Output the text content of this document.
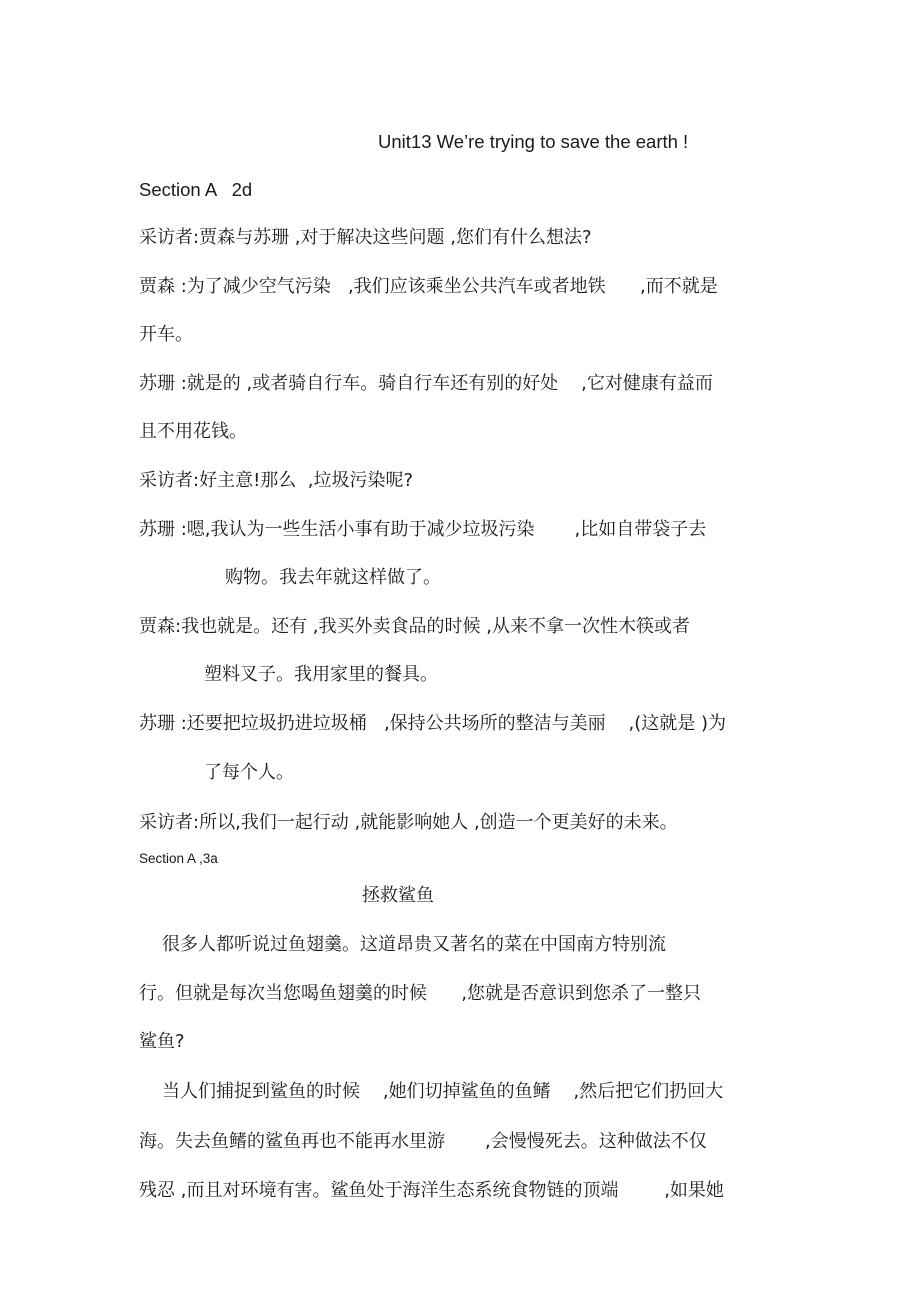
Unit13 We’re trying to save the earth !
Section A   2d
采访者:贾森与苏珊 ,对于解决这些问题 ,您们有什么想法?
贾森 :为了减少空气污染   ,我们应该乘坐公共汽车或者地铁      ,而不就是
开车。
苏珊 :就是的 ,或者骑自行车。骑自行车还有别的好处    ,它对健康有益而
且不用花钱。
采访者:好主意!那么  ,垃圾污染呢?
苏珊 :嗯,我认为一些生活小事有助于减少垃圾污染       ,比如自带袋子去
购物。我去年就这样做了。
贾森:我也就是。还有 ,我买外卖食品的时候 ,从来不拿一次性木筷或者
塑料叉子。我用家里的餐具。
苏珊 :还要把垃圾扔进垃圾桶   ,保持公共场所的整洁与美丽    ,(这就是 )为
了每个人。
采访者:所以,我们一起行动 ,就能影响她人 ,创造一个更美好的未来。
Section A ,3a
拯救鲨鱼
很多人都听说过鱼翅羹。这道昂贵又著名的菜在中国南方特别流
行。但就是每次当您喝鱼翅羹的时候      ,您就是否意识到您杀了一整只
鲨鱼?
当人们捕捉到鲨鱼的时候    ,她们切掉鲨鱼的鱼鳍    ,然后把它们扔回大
海。失去鱼鳍的鲨鱼再也不能再水里游       ,会慢慢死去。这种做法不仅
残忍 ,而且对环境有害。鲨鱼处于海洋生态系统食物链的顶端        ,如果她
